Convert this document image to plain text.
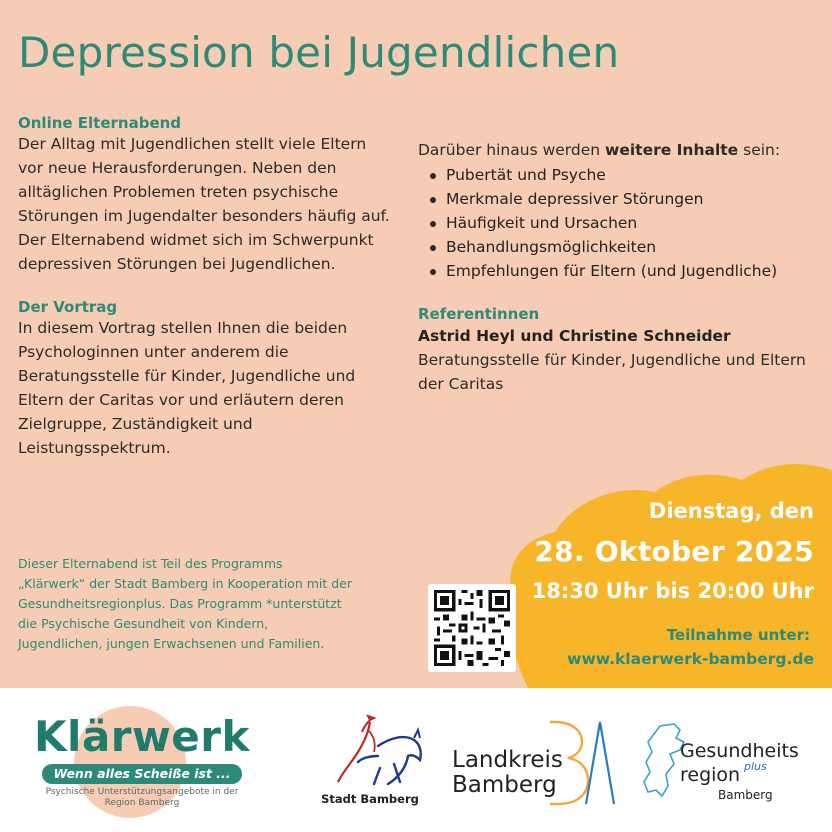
Depression bei Jugendlichen
Online Elternabend

Der Alltag mit Jugendlichen stellt viele Eltern vor neue Herausforderungen. Neben den alltäglichen Problemen treten psychische Störungen im Jugendalter besonders häufig auf. Der Elternabend widmet sich im Schwerpunkt depressiven Störungen bei Jugendlichen.

Der Vortrag

In diesem Vortrag stellen Ihnen die beiden Psychologinnen unter anderem die Beratungsstelle für Kinder, Jugendliche und Eltern der Caritas vor und erläutern deren Zielgruppe, Zuständigkeit und Leistungsspektrum.

Darüber hinaus werden weitere Inhalte sein:

Pubertät und Psyche
Merkmale depressiver Störungen
Häufigkeit und Ursachen
Behandlungsmöglichkeiten
Empfehlungen für Eltern (und Jugendliche)
Referentinnen
Astrid Heyl und Christine Schneider

Beratungsstelle für Kinder, Jugendliche und Eltern der Caritas

Dieser Elternabend ist Teil des Programms „Klärwerk“ der Stadt Bamberg in Kooperation mit der Gesundheitsregionplus. Das Programm *unterstützt die Psychische Gesundheit von Kindern, Jugendlichen, jungen Erwachsenen und Familien.

Dienstag, den
28. Oktober 2025
18:30 Uhr bis 20:00 Uhr
Teilnahme unter:
www.klaerwerk-bamberg.de
Klärwerk
Wenn alles Scheiße ist ...
Psychische Unterstützungsangebote in der Region Bamberg	Stadt Bamberg
Landkreis
Bamberg
Gesundheits
region plus
Bamberg
